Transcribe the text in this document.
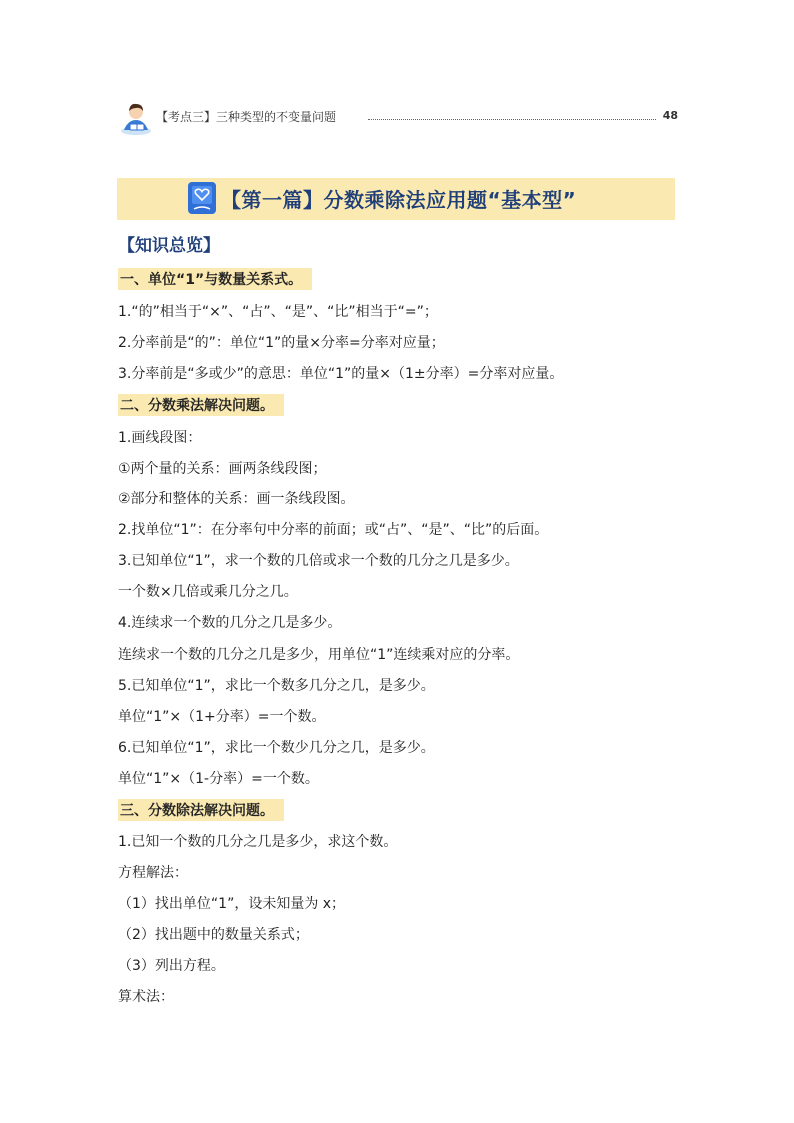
【考点三】三种类型的不变量问题	48
【第一篇】分数乘除法应用题“基本型”
【知识总览】
一、单位“1”与数量关系式。
1.“的”相当于“×”、“占”、“是”、“比”相当于“=”；
2.分率前是“的”：单位“1”的量×分率=分率对应量；
3.分率前是“多或少”的意思：单位“1”的量×（1±分率）=分率对应量。
二、分数乘法解决问题。
1.画线段图：
①两个量的关系：画两条线段图；
②部分和整体的关系：画一条线段图。
2.找单位“1”：在分率句中分率的前面；或“占”、“是”、“比”的后面。
3.已知单位“1”，求一个数的几倍或求一个数的几分之几是多少。
一个数×几倍或乘几分之几。
4.连续求一个数的几分之几是多少。
连续求一个数的几分之几是多少，用单位“1”连续乘对应的分率。
5.已知单位“1”，求比一个数多几分之几，是多少。
单位“1”×（1+分率）=一个数。
6.已知单位“1”，求比一个数少几分之几，是多少。
单位“1”×（1-分率）=一个数。
三、分数除法解决问题。
1.已知一个数的几分之几是多少，求这个数。
方程解法：
（1）找出单位“1”，设未知量为 x；
（2）找出题中的数量关系式；
（3）列出方程。
算术法：
